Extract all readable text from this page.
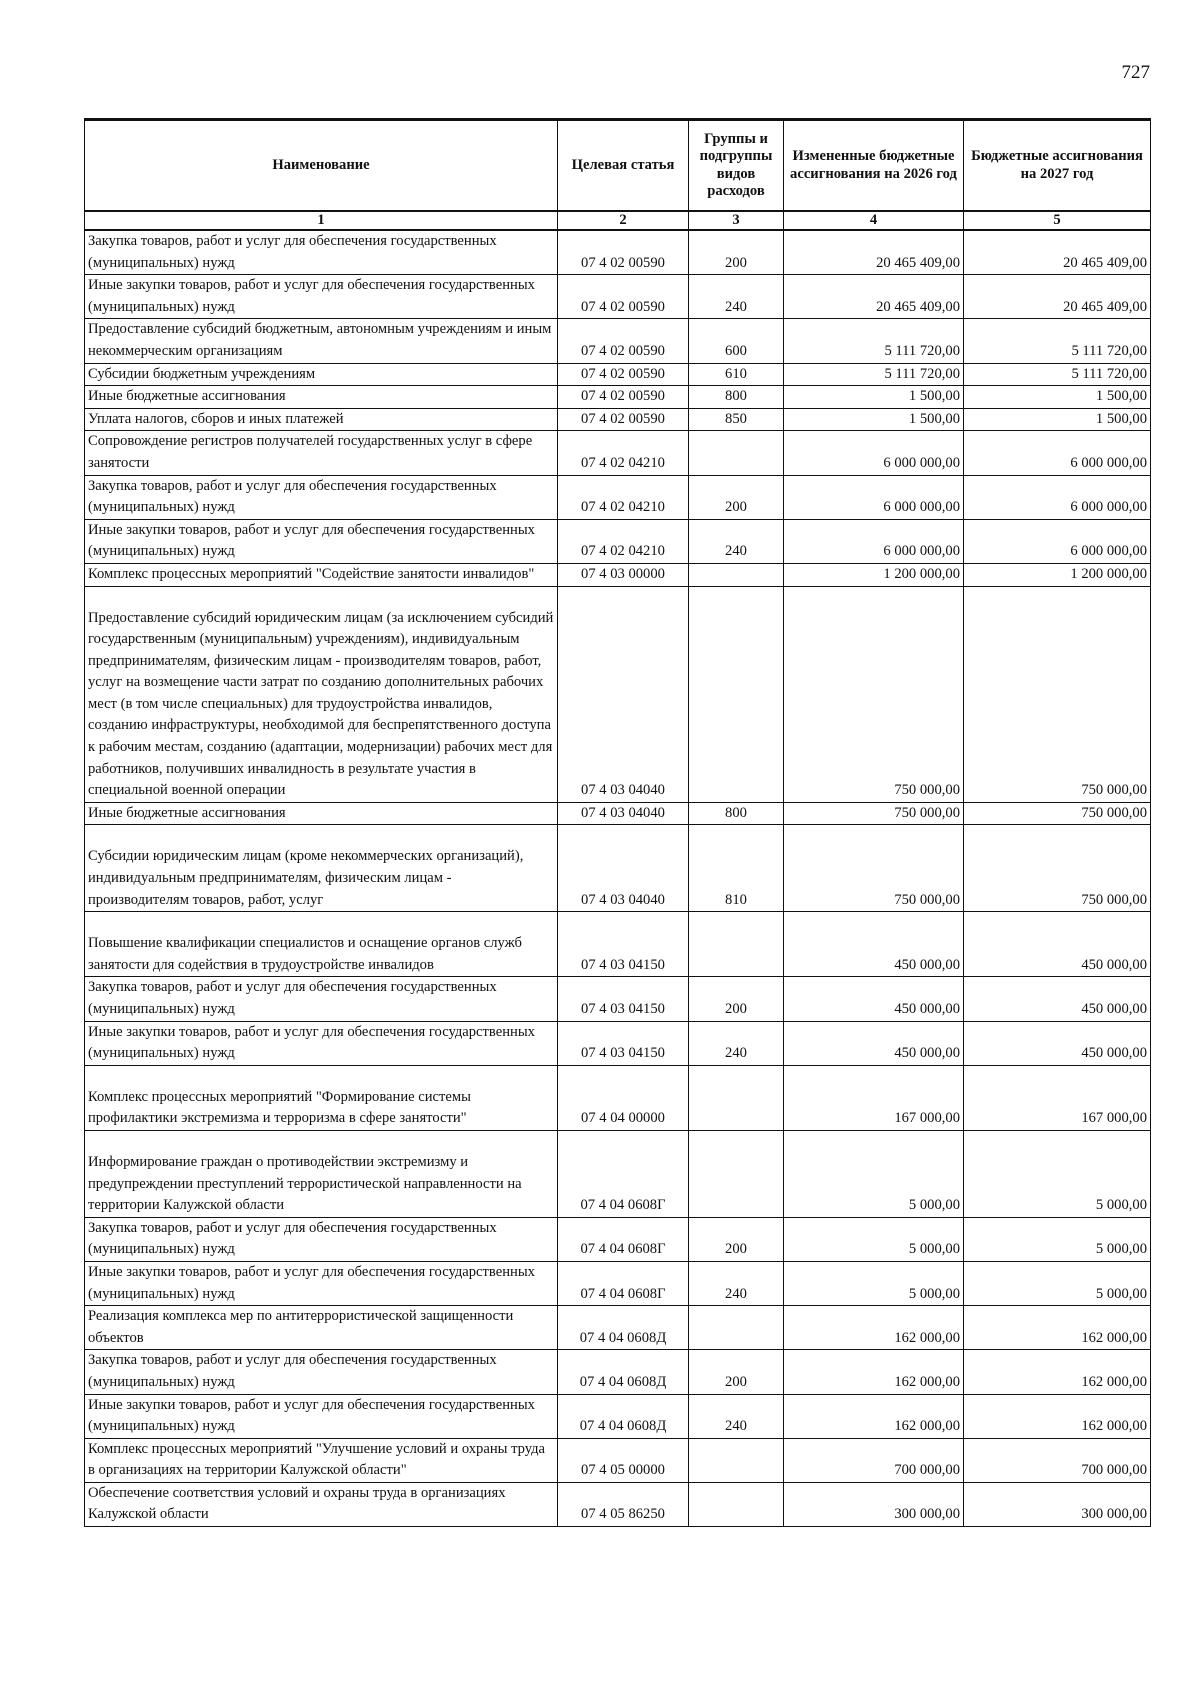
727
Наименование	Целевая статья	Группы и подгруппы видов расходов	Измененные бюджетные ассигнования на 2026 год	Бюджетные ассигнования на 2027 год
1	2	3	4	5
Закупка товаров, работ и услуг для обеспечения государственных (муниципальных) нужд	07 4 02 00590	200	20 465 409,00	20 465 409,00
Иные закупки товаров, работ и услуг для обеспечения государственных (муниципальных) нужд	07 4 02 00590	240	20 465 409,00	20 465 409,00
Предоставление субсидий бюджетным, автономным учреждениям и иным некоммерческим организациям	07 4 02 00590	600	5 111 720,00	5 111 720,00
Субсидии бюджетным учреждениям	07 4 02 00590	610	5 111 720,00	5 111 720,00
Иные бюджетные ассигнования	07 4 02 00590	800	1 500,00	1 500,00
Уплата налогов, сборов и иных платежей	07 4 02 00590	850	1 500,00	1 500,00
Сопровождение регистров получателей государственных услуг в сфере занятости	07 4 02 04210		6 000 000,00	6 000 000,00
Закупка товаров, работ и услуг для обеспечения государственных (муниципальных) нужд	07 4 02 04210	200	6 000 000,00	6 000 000,00
Иные закупки товаров, работ и услуг для обеспечения государственных (муниципальных) нужд	07 4 02 04210	240	6 000 000,00	6 000 000,00
Комплекс процессных мероприятий "Содействие занятости инвалидов"	07 4 03 00000		1 200 000,00	1 200 000,00
Предоставление субсидий юридическим лицам (за исключением субсидий государственным (муниципальным) учреждениям), индивидуальным предпринимателям, физическим лицам - производителям товаров, работ, услуг на возмещение части затрат по созданию дополнительных рабочих мест (в том числе специальных) для трудоустройства инвалидов, созданию инфраструктуры, необходимой для беспрепятственного доступа к рабочим местам, созданию (адаптации, модернизации) рабочих мест для работников, получивших инвалидность в результате участия в специальной военной операции	07 4 03 04040		750 000,00	750 000,00
Иные бюджетные ассигнования	07 4 03 04040	800	750 000,00	750 000,00
Субсидии юридическим лицам (кроме некоммерческих организаций), индивидуальным предпринимателям, физическим лицам - производителям товаров, работ, услуг	07 4 03 04040	810	750 000,00	750 000,00
Повышение квалификации специалистов и оснащение органов служб занятости для содействия в трудоустройстве инвалидов	07 4 03 04150		450 000,00	450 000,00
Закупка товаров, работ и услуг для обеспечения государственных (муниципальных) нужд	07 4 03 04150	200	450 000,00	450 000,00
Иные закупки товаров, работ и услуг для обеспечения государственных (муниципальных) нужд	07 4 03 04150	240	450 000,00	450 000,00
Комплекс процессных мероприятий "Формирование системы профилактики экстремизма и терроризма в сфере занятости"	07 4 04 00000		167 000,00	167 000,00
Информирование граждан о противодействии экстремизму и предупреждении преступлений террористической направленности на территории Калужской области	07 4 04 0608Г		5 000,00	5 000,00
Закупка товаров, работ и услуг для обеспечения государственных (муниципальных) нужд	07 4 04 0608Г	200	5 000,00	5 000,00
Иные закупки товаров, работ и услуг для обеспечения государственных (муниципальных) нужд	07 4 04 0608Г	240	5 000,00	5 000,00
Реализация комплекса мер по антитеррористической защищенности объектов	07 4 04 0608Д		162 000,00	162 000,00
Закупка товаров, работ и услуг для обеспечения государственных (муниципальных) нужд	07 4 04 0608Д	200	162 000,00	162 000,00
Иные закупки товаров, работ и услуг для обеспечения государственных (муниципальных) нужд	07 4 04 0608Д	240	162 000,00	162 000,00
Комплекс процессных мероприятий "Улучшение условий и охраны труда в организациях на территории Калужской области"	07 4 05 00000		700 000,00	700 000,00
Обеспечение соответствия условий и охраны труда в организациях Калужской области	07 4 05 86250		300 000,00	300 000,00
